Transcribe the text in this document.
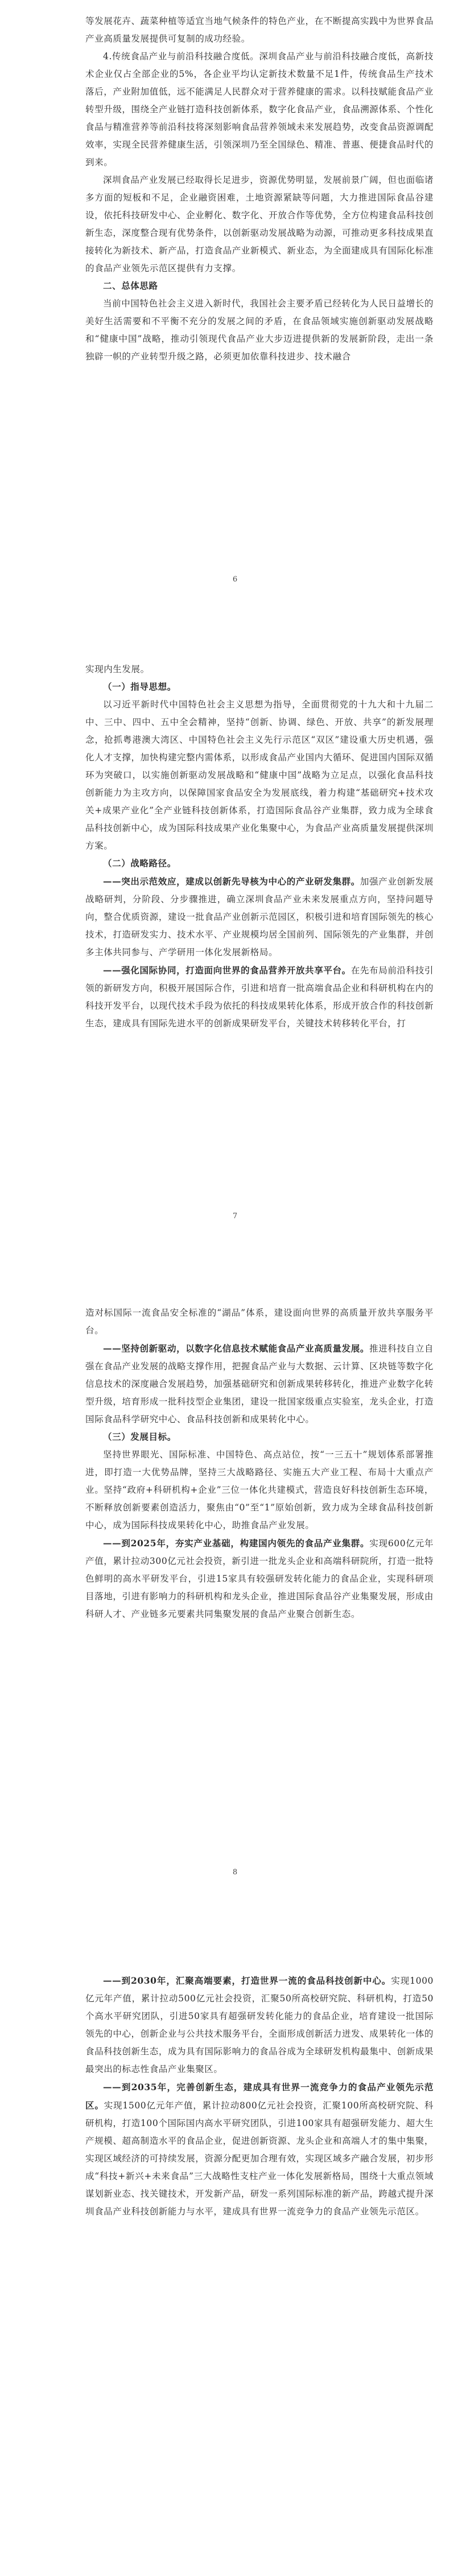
等发展花卉、蔬菜种植等适宜当地气候条件的特色产业，在不断提高实践中为世界食品产业高质量发展提供可复制的成功经验。

4.传统食品产业与前沿科技融合度低。深圳食品产业与前沿科技融合度低，高新技术企业仅占全部企业的5%，各企业平均认定新技术数量不足1件，传统食品生产技术落后，产业附加值低，远不能满足人民群众对于营养健康的需求。以科技赋能食品产业转型升级，围绕全产业链打造科技创新体系，数字化食品产业，食品溯源体系、个性化食品与精准营养等前沿科技将深刻影响食品营养领域未来发展趋势，改变食品资源调配效率，实现全民营养健康生活，引领深圳乃至全国绿色、精准、普惠、便捷食品时代的到来。

深圳食品产业发展已经取得长足进步，资源优势明显，发展前景广阔，但也面临诸多方面的短板和不足，企业融资困难，土地资源紧缺等问题，大力推进国际食品谷建设，依托科技研发中心、企业孵化、数字化、开放合作等优势，全方位构建食品科技创新生态，深度整合现有优势条件，以创新驱动发展战略为动源，可推动更多科技成果直接转化为新技术、新产品，打造食品产业新模式、新业态，为全面建成具有国际化标准的食品产业领先示范区提供有力支撑。

二、总体思路

当前中国特色社会主义进入新时代，我国社会主要矛盾已经转化为人民日益增长的美好生活需要和不平衡不充分的发展之间的矛盾，在食品领域实施创新驱动发展战略和“健康中国”战略，推动引领现代食品产业大步迈进提供新的发展新阶段，走出一条独辟一帜的产业转型升级之路，必须更加依靠科技进步、技术融合

6

实现内生发展。

（一）指导思想。

以习近平新时代中国特色社会主义思想为指导，全面贯彻党的十九大和十九届二中、三中、四中、五中全会精神，坚持“创新、协调、绿色、开放、共享”的新发展理念，抢抓粤港澳大湾区、中国特色社会主义先行示范区“双区”建设重大历史机遇，强化人才支撑，加快构建完整内需体系，以形成食品产业国内大循环、促进国内国际双循环为突破口，以实施创新驱动发展战略和“健康中国”战略为立足点，以强化食品科技创新能力为主攻方向，以保障国家食品安全为发展底线，着力构建“基础研究+技术攻关+成果产业化”全产业链科技创新体系，打造国际食品谷产业集群，致力成为全球食品科技创新中心，成为国际科技成果产业化集聚中心，为食品产业高质量发展提供深圳方案。

（二）战略路径。

——突出示范效应，建成以创新先导核为中心的产业研发集群。加强产业创新发展战略研判，分阶段、分步骤推进，确立深圳食品产业未来发展重点方向，坚持问题导向，整合优质资源，建设一批食品产业创新示范园区，积极引进和培育国际领先的核心技术，打造研发实力、技术水平、产业规模均居全国前列、国际领先的产业集群，并创多主体共同参与、产学研用一体化发展新格局。

——强化国际协同，打造面向世界的食品营养开放共享平台。在先布局前沿科技引领的新研发方向，积极开展国际合作，引进和培育一批高端食品企业和科研机构在内的科技开发平台，以现代技术手段为依托的科技成果转化体系，形成开放合作的科技创新生态，建成具有国际先进水平的创新成果研发平台，关键技术转移转化平台，打

7

造对标国际一流食品安全标准的“湖品”体系，建设面向世界的高质量开放共享服务平台。

——坚持创新驱动，以数字化信息技术赋能食品产业高质量发展。推进科技自立自强在食品产业发展的战略支撑作用，把握食品产业与大数据、云计算、区块链等数字化信息技术的深度融合发展趋势，加强基础研究和创新成果转移转化，推进产业数字化转型升级，培育形成一批科技型企业集团，建设一批国家级重点实验室，龙头企业，打造国际食品科学研究中心、食品科技创新和成果转化中心。

（三）发展目标。

坚持世界眼光、国际标准、中国特色、高点站位，按“一三五十”规划体系部署推进，即打造一大优势品牌，坚持三大战略路径、实施五大产业工程、布局十大重点产业。坚持“政府+科研机构+企业”三位一体化共建模式，营造良好科技创新生态环境，不断释放创新要素创造活力，聚焦由“0”至“1”原始创新，致力成为全球食品科技创新中心，成为国际科技成果转化中心，助推食品产业发展。

——到2025年，夯实产业基础，构建国内领先的食品产业集群。实现600亿元年产值，累计拉动300亿元社会投资，新引进一批龙头企业和高端科研院所，打造一批特色鲜明的高水平研发平台，引进15家具有较强研发转化能力的食品企业，实现科研项目落地，引进有影响力的科研机构和龙头企业，推进国际食品谷产业集聚发展，形成由科研人才、产业链多元要素共同集聚发展的食品产业聚合创新生态。

8

——到2030年，汇聚高端要素，打造世界一流的食品科技创新中心。实现1000亿元年产值，累计拉动500亿元社会投资，汇聚50所高校研究院、科研机构，打造50个高水平研究团队，引进50家具有超强研发转化能力的食品企业，培育建设一批国际领先的中心，创新企业与公共技术服务平台，全面形成创新活力迸发、成果转化一体的食品科技创新生态，成为具有国际影响力的食品谷成为全球研发机构最集中、创新成果最突出的标志性食品产业集聚区。

——到2035年，完善创新生态，建成具有世界一流竞争力的食品产业领先示范区。实现1500亿元年产值，累计拉动800亿元社会投资，汇聚100所高校研究院、科研机构，打造100个国际国内高水平研究团队，引进100家具有超强研发能力、超大生产规模、超高制造水平的食品企业，促进创新资源、龙头企业和高端人才的集中集聚，实现区域经济的可持续发展，资源分配更加合理有效，实现区域多产融合发展，初步形成“科技+新兴+未来食品”三大战略性支柱产业一体化发展新格局，围绕十大重点领域谋划新业态、找关键技术，开发新产品，研发一系列国际标准的新产品，跨越式提升深圳食品产业科技创新能力与水平，建成具有世界一流竞争力的食品产业领先示范区。
